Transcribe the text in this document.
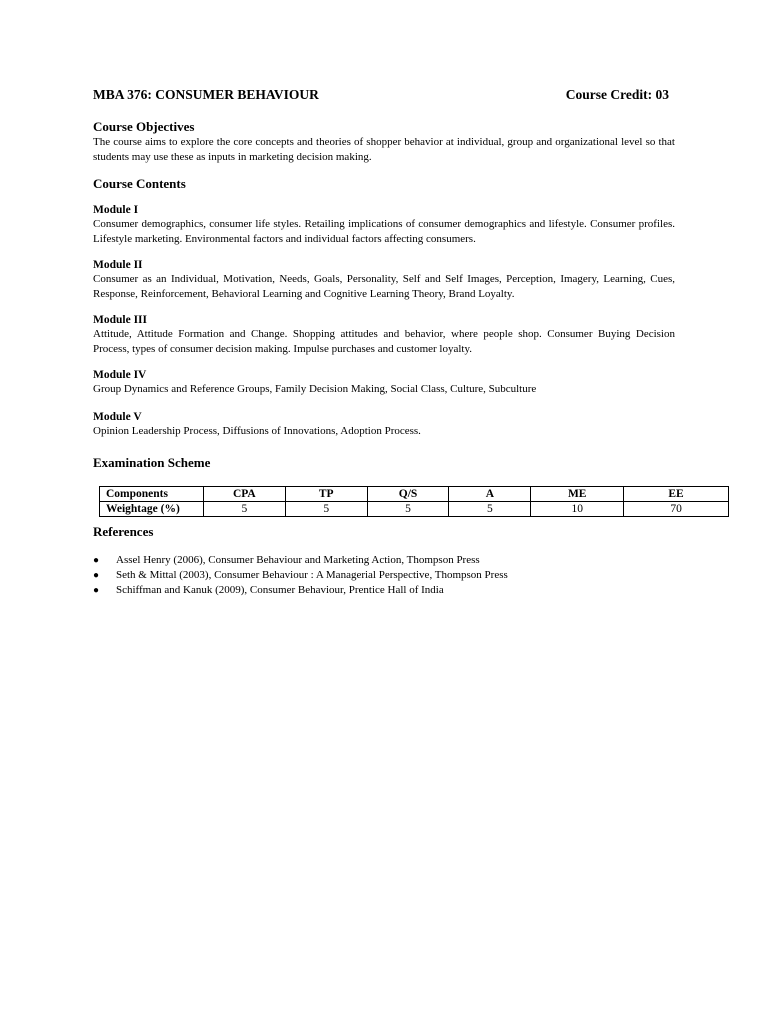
MBA 376: CONSUMER BEHAVIOUR	Course Credit: 03
Course Objectives
The course aims to explore the core concepts and theories of shopper behavior at individual, group and organizational level so that students may use these as inputs in marketing decision making.
Course Contents
Module I
Consumer demographics, consumer life styles. Retailing implications of consumer demographics and lifestyle. Consumer profiles. Lifestyle marketing. Environmental factors and individual factors affecting consumers.
Module II
Consumer as an Individual, Motivation, Needs, Goals, Personality, Self and Self Images, Perception, Imagery, Learning, Cues, Response, Reinforcement, Behavioral Learning and Cognitive Learning Theory, Brand Loyalty.
Module III
Attitude, Attitude Formation and Change. Shopping attitudes and behavior, where people shop. Consumer Buying Decision Process, types of consumer decision making. Impulse purchases and customer loyalty.
Module IV
Group Dynamics and Reference Groups, Family Decision Making, Social Class, Culture, Subculture
Module V
Opinion Leadership Process, Diffusions of Innovations, Adoption Process.
Examination Scheme
Components	CPA	TP	Q/S	A	ME	EE
Weightage (%)	5	5	5	5	10	70
References
● Assel Henry (2006), Consumer Behaviour and Marketing Action, Thompson Press
● Seth & Mittal (2003), Consumer Behaviour : A Managerial Perspective, Thompson Press
● Schiffman and Kanuk (2009), Consumer Behaviour, Prentice Hall of India
